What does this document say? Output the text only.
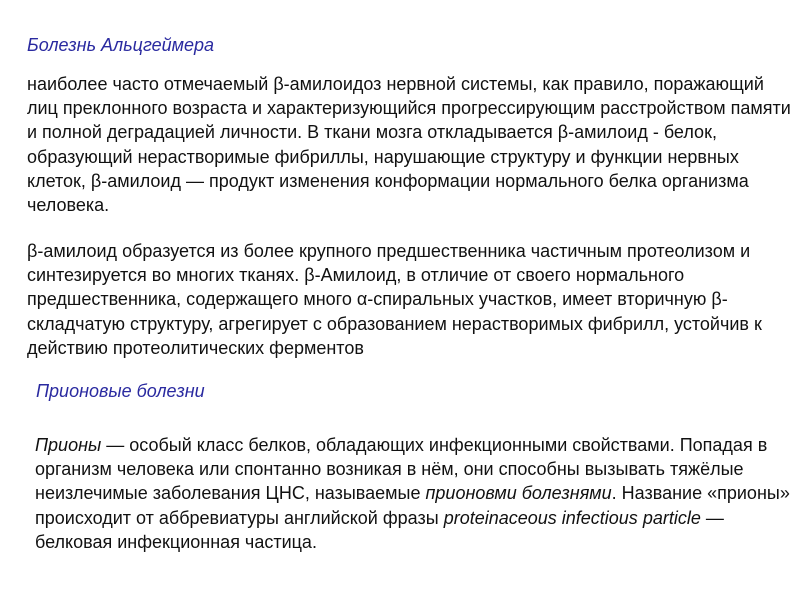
Болезнь Альцгеймера

наиболее часто отмечаемый β-амилоидоз нервной системы, как правило, поражающий лиц преклонного возраста и характеризующийся прогрессирующим расстройством памяти и полной деградацией личности. В ткани мозга откладывается β-амилоид - белок, образующий нерастворимые фибриллы, нарушающие структуру и функции нервных клеток, β-амилоид — продукт изменения конформации нормального белка организма человека.

β-амилоид образуется из более крупного предшественника частичным протеолизом и синтезируется во многих тканях. β-Амилоид, в отличие от своего нормального предшественника, содержащего много α-спиральных участков, имеет вторичную β-складчатую структуру, агрегирует с образованием нерастворимых фибрилл, устойчив к действию протеолитических ферментов

Прионовые болезни

Прионы — особый класс белков, обладающих инфекционными свойствами. Попадая в организм человека или спонтанно возникая в нём, они способны вызывать тяжёлые неизлечимые заболевания ЦНС, называемые прионовми болезнями. Название «прионы» происходит от аббревиатуры английской фразы proteinaceous infectious particle — белковая инфекционная частица.
